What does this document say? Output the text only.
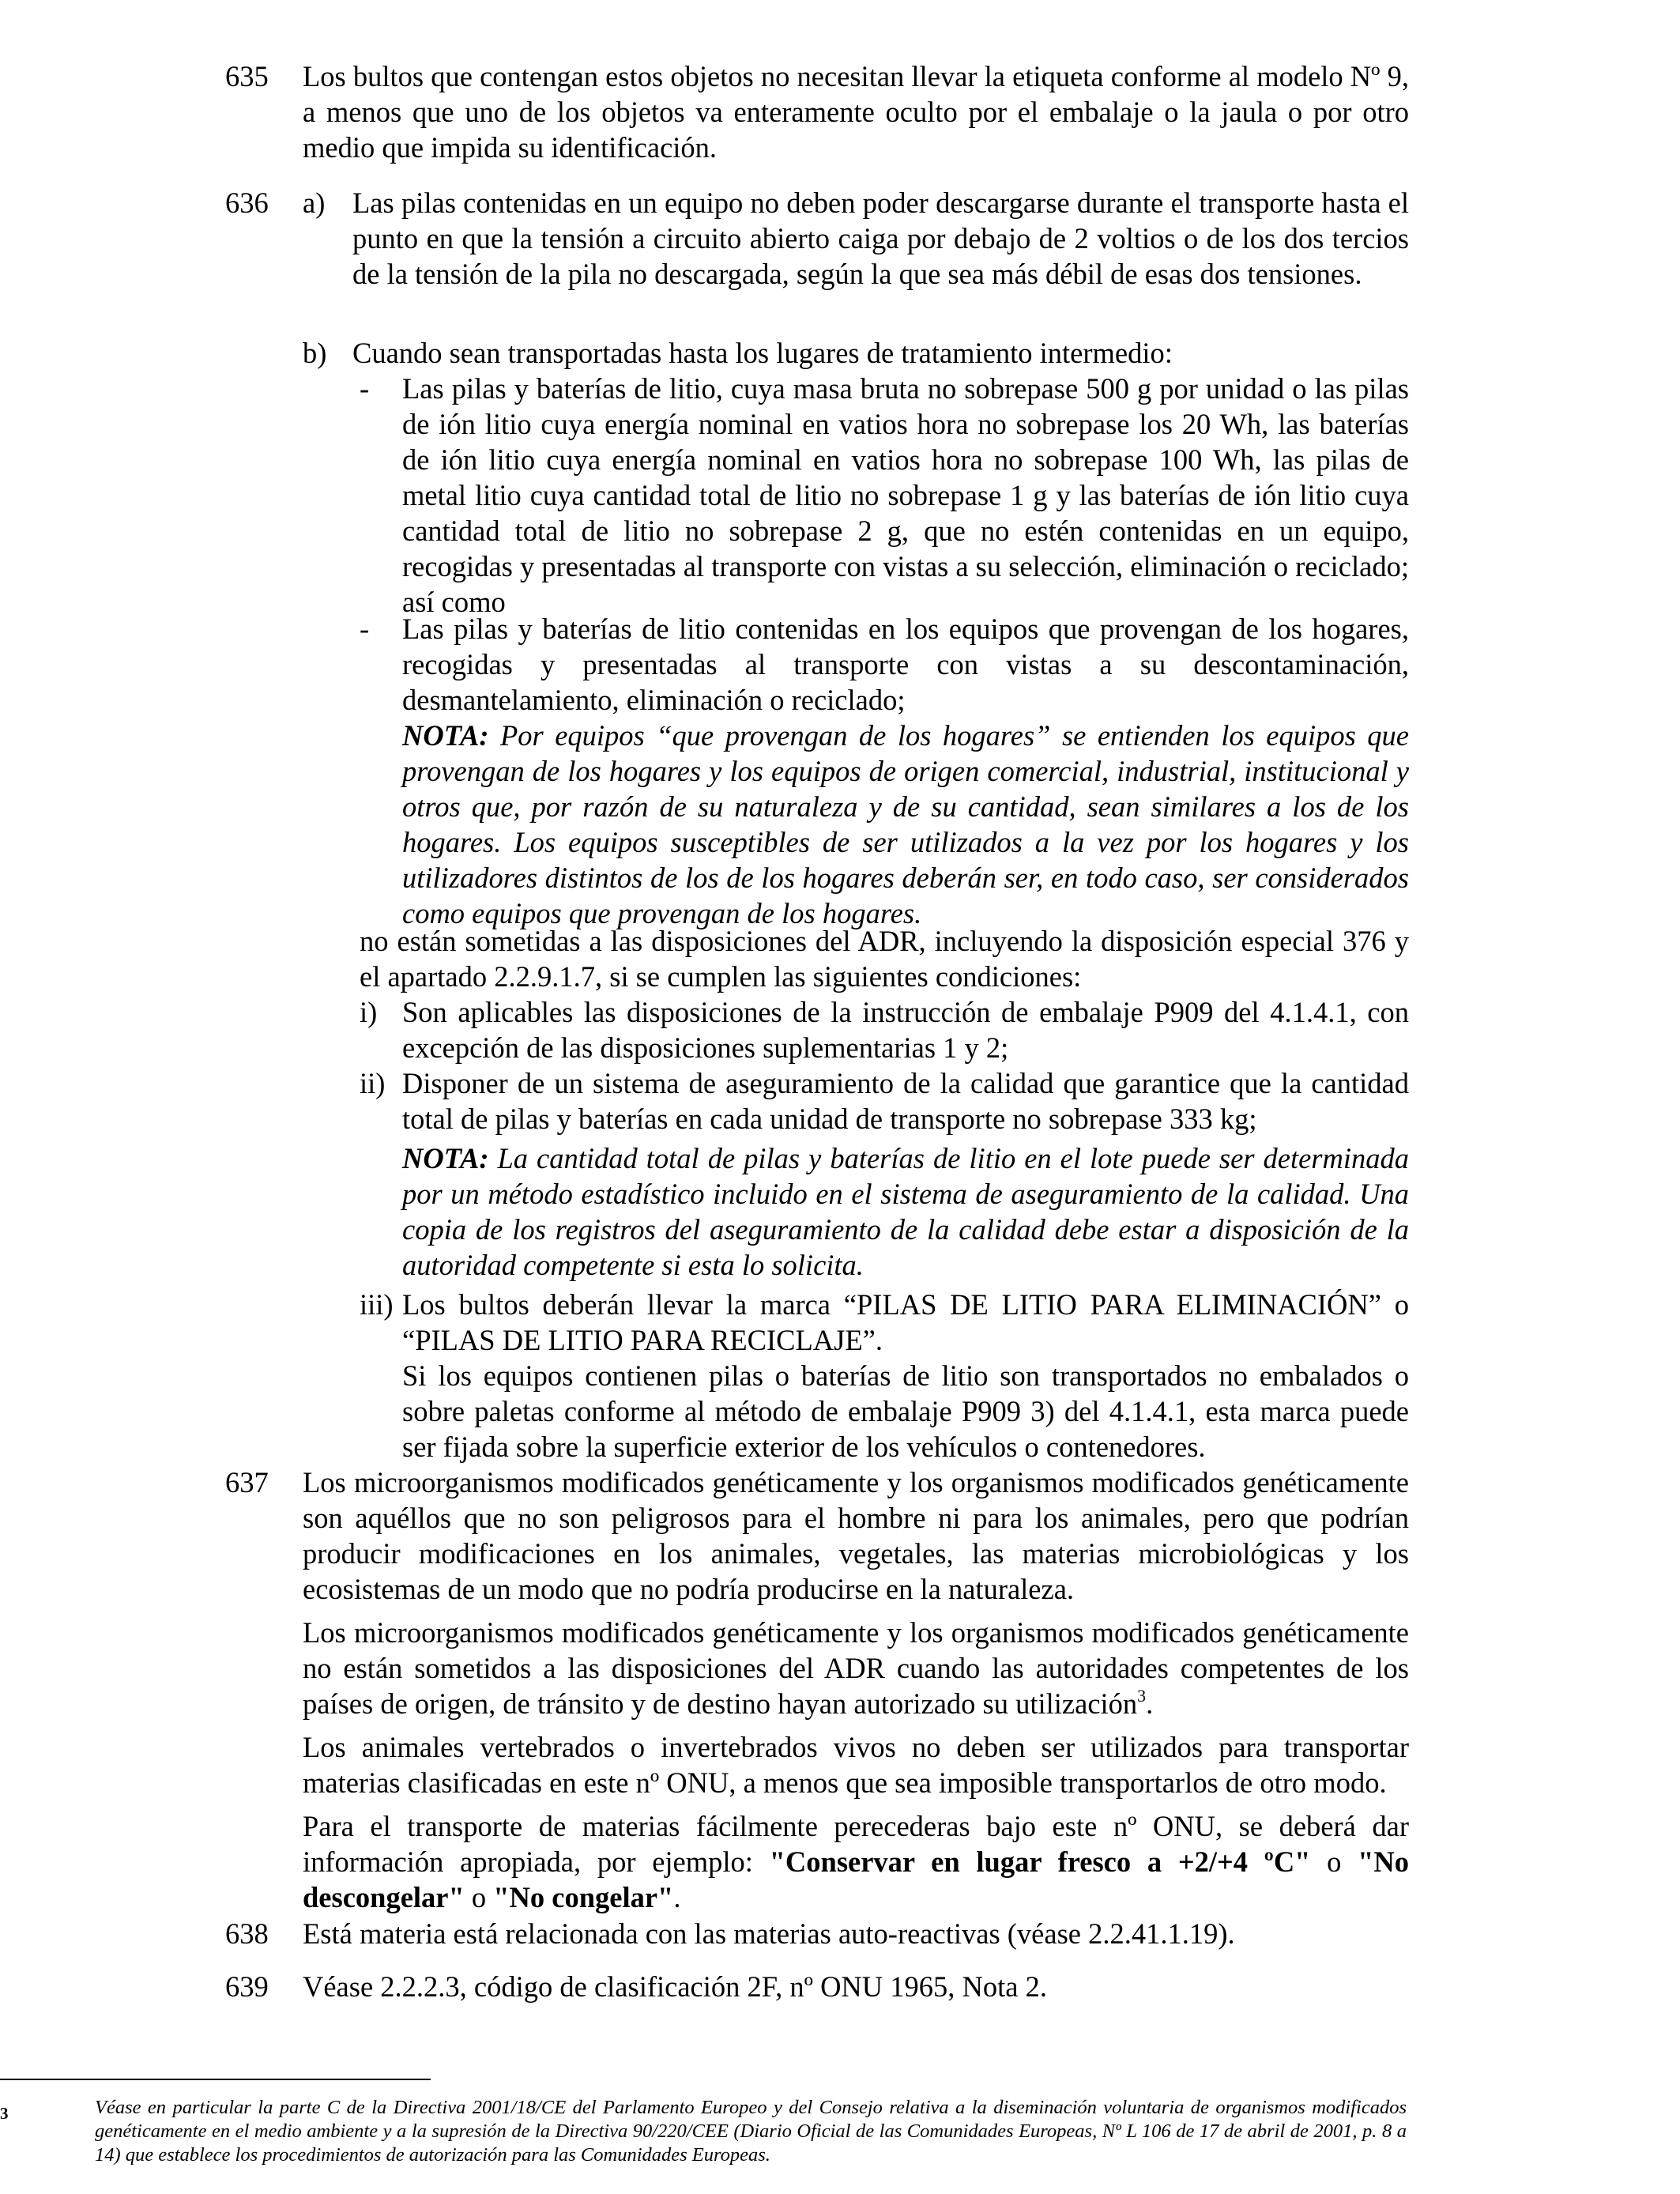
635 Los bultos que contengan estos objetos no necesitan llevar la etiqueta conforme al modelo Nº 9, a menos que uno de los objetos va enteramente oculto por el embalaje o la jaula o por otro medio que impida su identificación.

636 a) Las pilas contenidas en un equipo no deben poder descargarse durante el transporte hasta el punto en que la tensión a circuito abierto caiga por debajo de 2 voltios o de los dos tercios de la tensión de la pila no descargada, según la que sea más débil de esas dos tensiones.

b) Cuando sean transportadas hasta los lugares de tratamiento intermedio:

- Las pilas y baterías de litio, cuya masa bruta no sobrepase 500 g por unidad o las pilas de ión litio cuya energía nominal en vatios hora no sobrepase los 20 Wh, las baterías de ión litio cuya energía nominal en vatios hora no sobrepase 100 Wh, las pilas de metal litio cuya cantidad total de litio no sobrepase 1 g y las baterías de ión litio cuya cantidad total de litio no sobrepase 2 g, que no estén contenidas en un equipo, recogidas y presentadas al transporte con vistas a su selección, eliminación o reciclado; así como

- Las pilas y baterías de litio contenidas en los equipos que provengan de los hogares, recogidas y presentadas al transporte con vistas a su descontaminación, desmantelamiento, eliminación o reciclado;

NOTA: Por equipos “que provengan de los hogares” se entienden los equipos que provengan de los hogares y los equipos de origen comercial, industrial, institucional y otros que, por razón de su naturaleza y de su cantidad, sean similares a los de los hogares. Los equipos susceptibles de ser utilizados a la vez por los hogares y los utilizadores distintos de los de los hogares deberán ser, en todo caso, ser considerados como equipos que provengan de los hogares.

no están sometidas a las disposiciones del ADR, incluyendo la disposición especial 376 y el apartado 2.2.9.1.7, si se cumplen las siguientes condiciones:

i) Son aplicables las disposiciones de la instrucción de embalaje P909 del 4.1.4.1, con excepción de las disposiciones suplementarias 1 y 2;

ii) Disponer de un sistema de aseguramiento de la calidad que garantice que la cantidad total de pilas y baterías en cada unidad de transporte no sobrepase 333 kg;

NOTA: La cantidad total de pilas y baterías de litio en el lote puede ser determinada por un método estadístico incluido en el sistema de aseguramiento de la calidad. Una copia de los registros del aseguramiento de la calidad debe estar a disposición de la autoridad competente si esta lo solicita.

iii) Los bultos deberán llevar la marca “PILAS DE LITIO PARA ELIMINACIÓN” o “PILAS DE LITIO PARA RECICLAJE”.

Si los equipos contienen pilas o baterías de litio son transportados no embalados o sobre paletas conforme al método de embalaje P909 3) del 4.1.4.1, esta marca puede ser fijada sobre la superficie exterior de los vehículos o contenedores.

637 Los microorganismos modificados genéticamente y los organismos modificados genéticamente son aquéllos que no son peligrosos para el hombre ni para los animales, pero que podrían producir modificaciones en los animales, vegetales, las materias microbiológicas y los ecosistemas de un modo que no podría producirse en la naturaleza.

Los microorganismos modificados genéticamente y los organismos modificados genéticamente no están sometidos a las disposiciones del ADR cuando las autoridades competentes de los países de origen, de tránsito y de destino hayan autorizado su utilización$^3$.

Los animales vertebrados o invertebrados vivos no deben ser utilizados para transportar materias clasificadas en este nº ONU, a menos que sea imposible transportarlos de otro modo.

Para el transporte de materias fácilmente perecederas bajo este nº ONU, se deberá dar información apropiada, por ejemplo: "Conservar en lugar fresco a +2/+4 ºC" o "No descongelar" o "No congelar".

638 Está materia está relacionada con las materias auto-reactivas (véase 2.2.41.1.19).

639 Véase 2.2.2.3, código de clasificación 2F, nº ONU 1965, Nota 2.

3	Véase en particular la parte C de la Directiva 2001/18/CE del Parlamento Europeo y del Consejo relativa a la diseminación voluntaria de organismos modificados genéticamente en el medio ambiente y a la supresión de la Directiva 90/220/CEE (Diario Oficial de las Comunidades Europeas, Nº L 106 de 17 de abril de 2001, p. 8 a 14) que establece los procedimientos de autorización para las Comunidades Europeas.
